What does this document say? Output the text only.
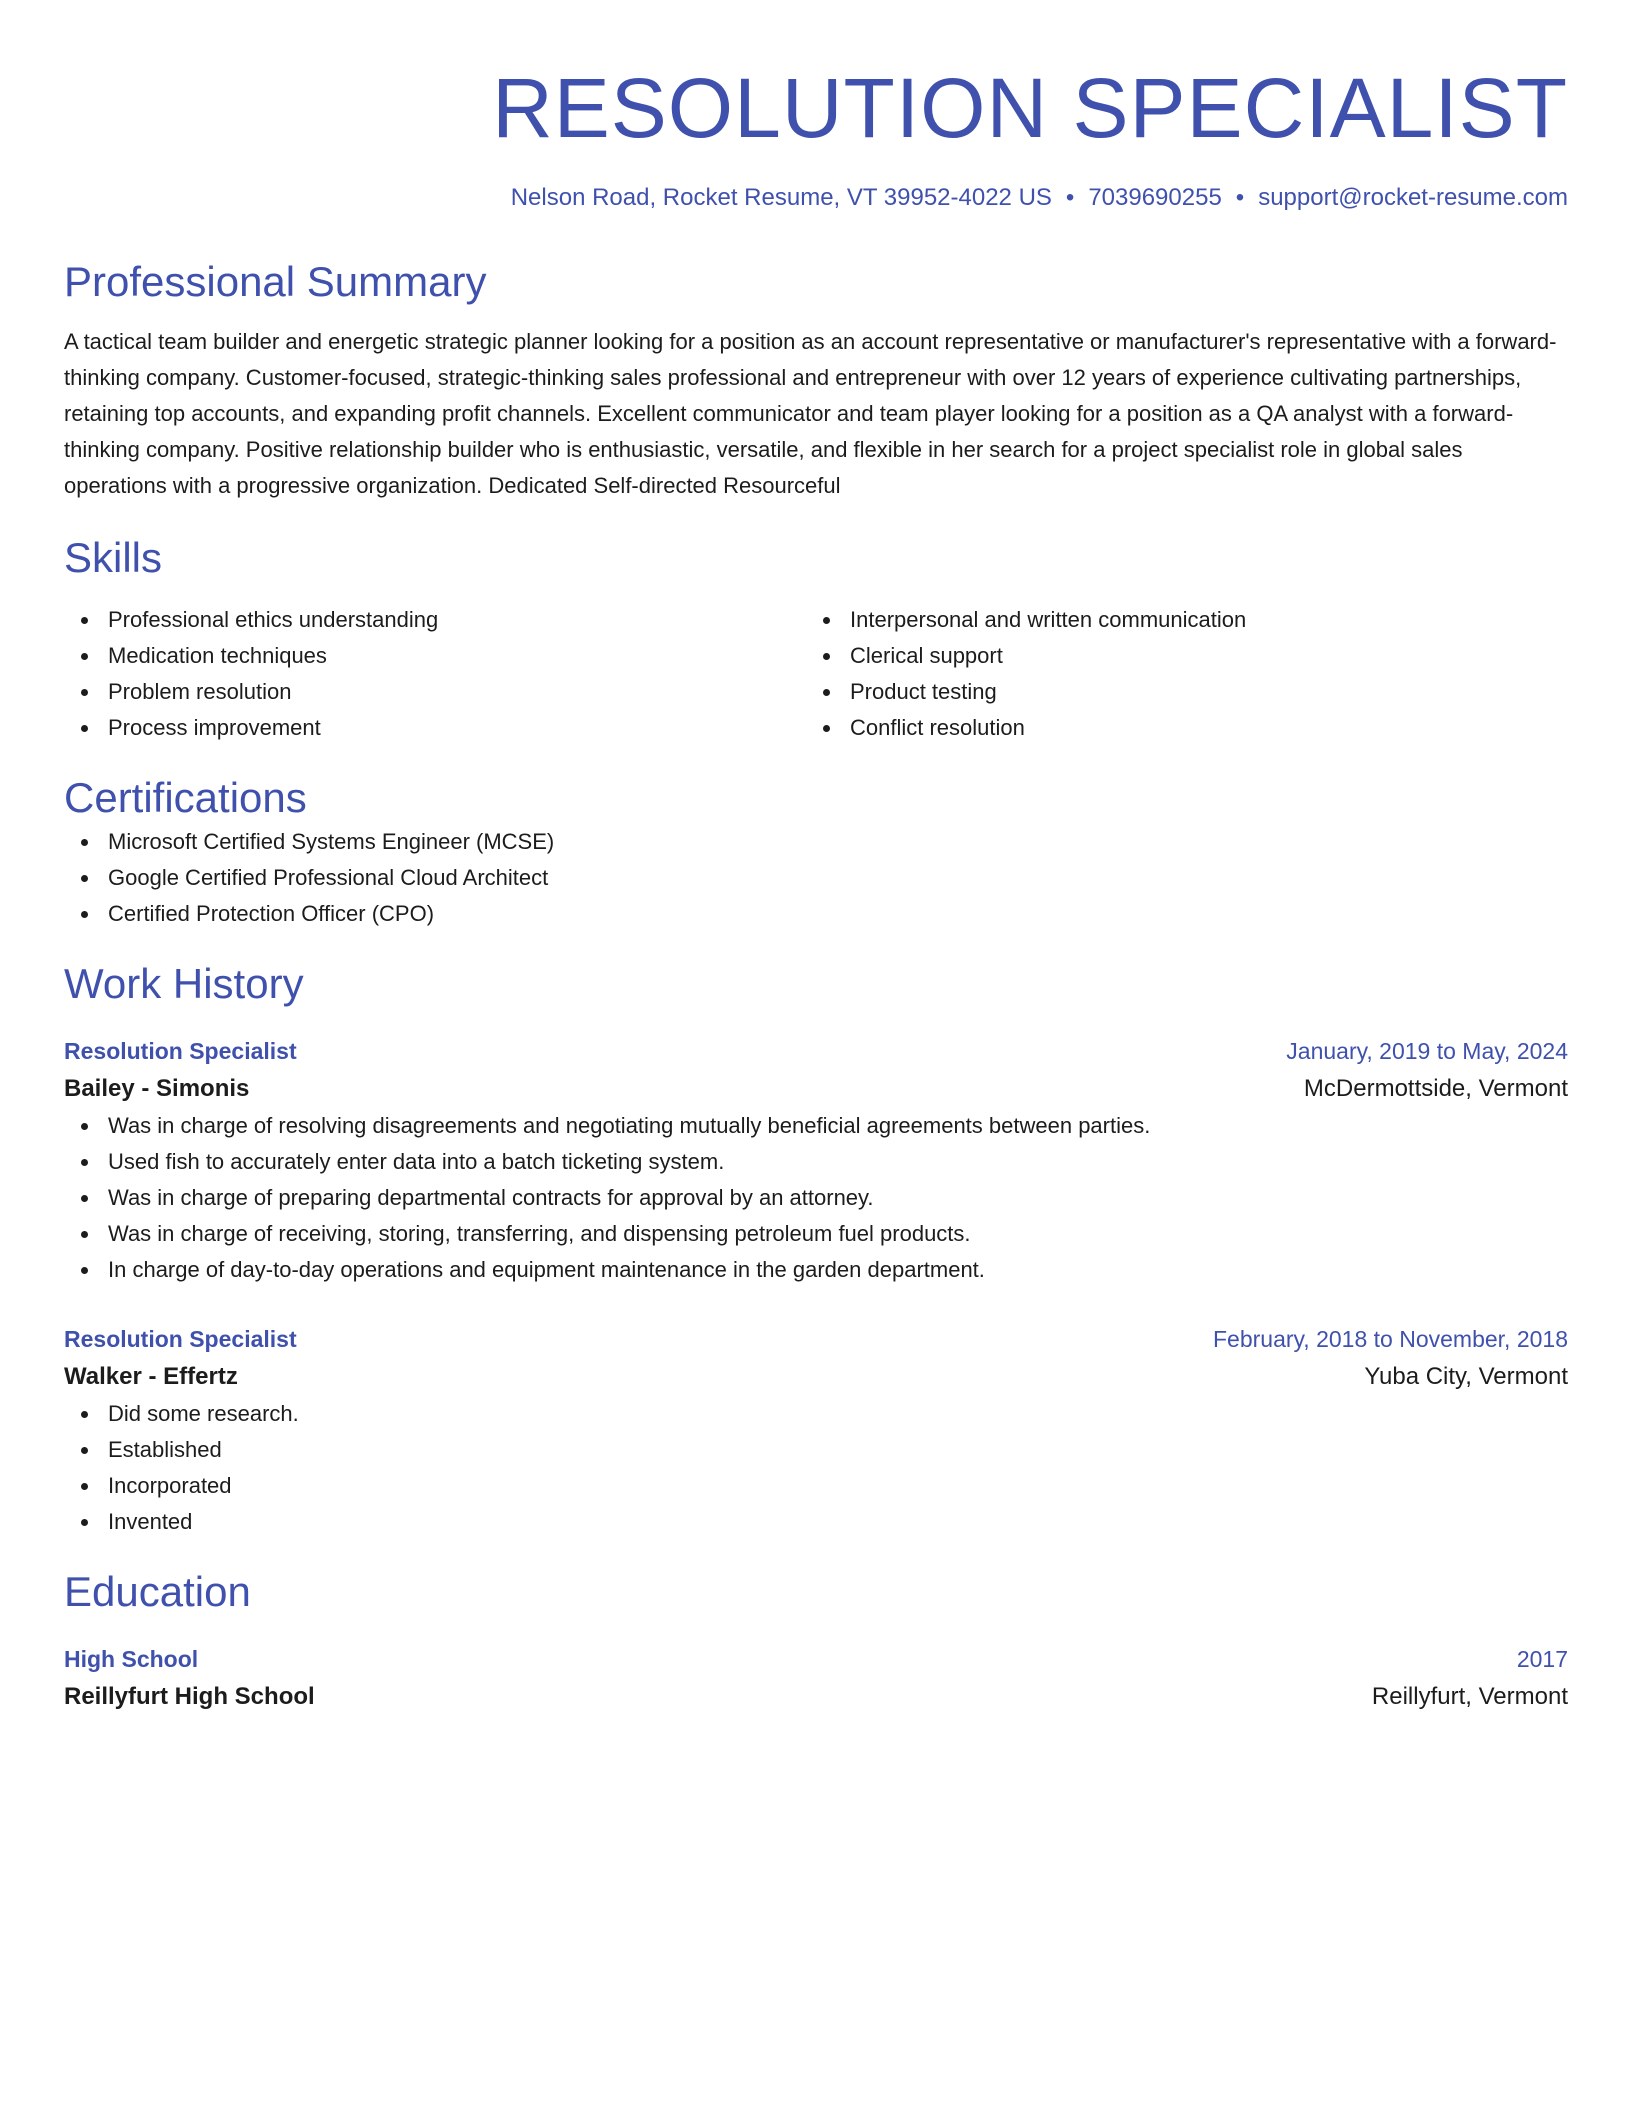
RESOLUTION SPECIALIST
Nelson Road, Rocket Resume, VT 39952-4022 US • 7039690255 • support@rocket-resume.com
Professional Summary
A tactical team builder and energetic strategic planner looking for a position as an account representative or manufacturer's representative with a forward-thinking company. Customer-focused, strategic-thinking sales professional and entrepreneur with over 12 years of experience cultivating partnerships, retaining top accounts, and expanding profit channels. Excellent communicator and team player looking for a position as a QA analyst with a forward-thinking company. Positive relationship builder who is enthusiastic, versatile, and flexible in her search for a project specialist role in global sales operations with a progressive organization. Dedicated Self-directed Resourceful
Skills
Professional ethics understanding
Medication techniques
Problem resolution
Process improvement
Interpersonal and written communication
Clerical support
Product testing
Conflict resolution
Certifications
Microsoft Certified Systems Engineer (MCSE)
Google Certified Professional Cloud Architect
Certified Protection Officer (CPO)
Work History
Resolution Specialist	January, 2019 to May, 2024
Bailey - Simonis	McDermottside, Vermont
Was in charge of resolving disagreements and negotiating mutually beneficial agreements between parties.
Used fish to accurately enter data into a batch ticketing system.
Was in charge of preparing departmental contracts for approval by an attorney.
Was in charge of receiving, storing, transferring, and dispensing petroleum fuel products.
In charge of day-to-day operations and equipment maintenance in the garden department.
Resolution Specialist	February, 2018 to November, 2018
Walker - Effertz	Yuba City, Vermont
Did some research.
Established
Incorporated
Invented
Education
High School	2017
Reillyfurt High School	Reillyfurt, Vermont
